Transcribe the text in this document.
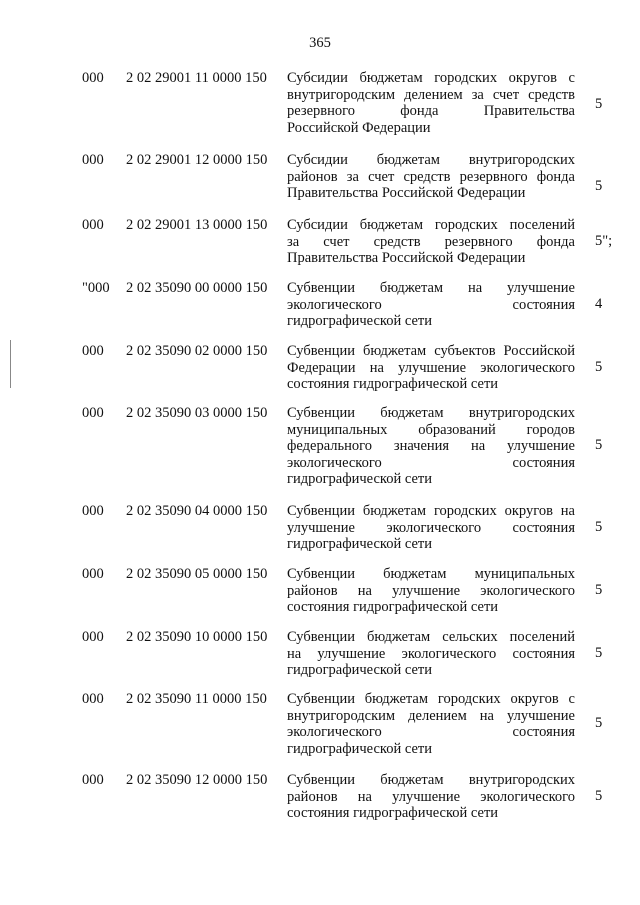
365
000 2 02 29001 11 0000 150 Субсидии бюджетам городских округов с
внутригородским делением за счет средств
резервного фонда Правительства
Российской Федерации
5
000 2 02 29001 12 0000 150 Субсидии бюджетам внутригородских
районов за счет средств резервного фонда
Правительства Российской Федерации	5
000 2 02 29001 13 0000 150 Субсидии бюджетам городских поселений
за счет средств резервного фонда
Правительства Российской Федерации
5";
"000 2 02 35090 00 0000 150 Субвенции бюджетам на улучшение
экологического состояния
гидрографической сети
4
000 2 02 35090 02 0000 150 Субвенции бюджетам субъектов Российской
Федерации на улучшение экологического
состояния гидрографической сети
5
000 2 02 35090 03 0000 150 Субвенции бюджетам внутригородских
муниципальных образований городов
федерального значения на улучшение
экологического состояния
гидрографической сети
5
000 2 02 35090 04 0000 150 Субвенции бюджетам городских округов на
улучшение экологического состояния
гидрографической сети
5
000 2 02 35090 05 0000 150 Субвенции бюджетам муниципальных
районов на улучшение экологического
состояния гидрографической сети
5
000 2 02 35090 10 0000 150 Субвенции бюджетам сельских поселений
на улучшение экологического состояния
гидрографической сети
5
000 2 02 35090 11 0000 150 Субвенции бюджетам городских округов с
внутригородским делением на улучшение
экологического состояния
гидрографической сети
5
000 2 02 35090 12 0000 150 Субвенции бюджетам внутригородских
районов на улучшение экологического
состояния гидрографической сети
5
